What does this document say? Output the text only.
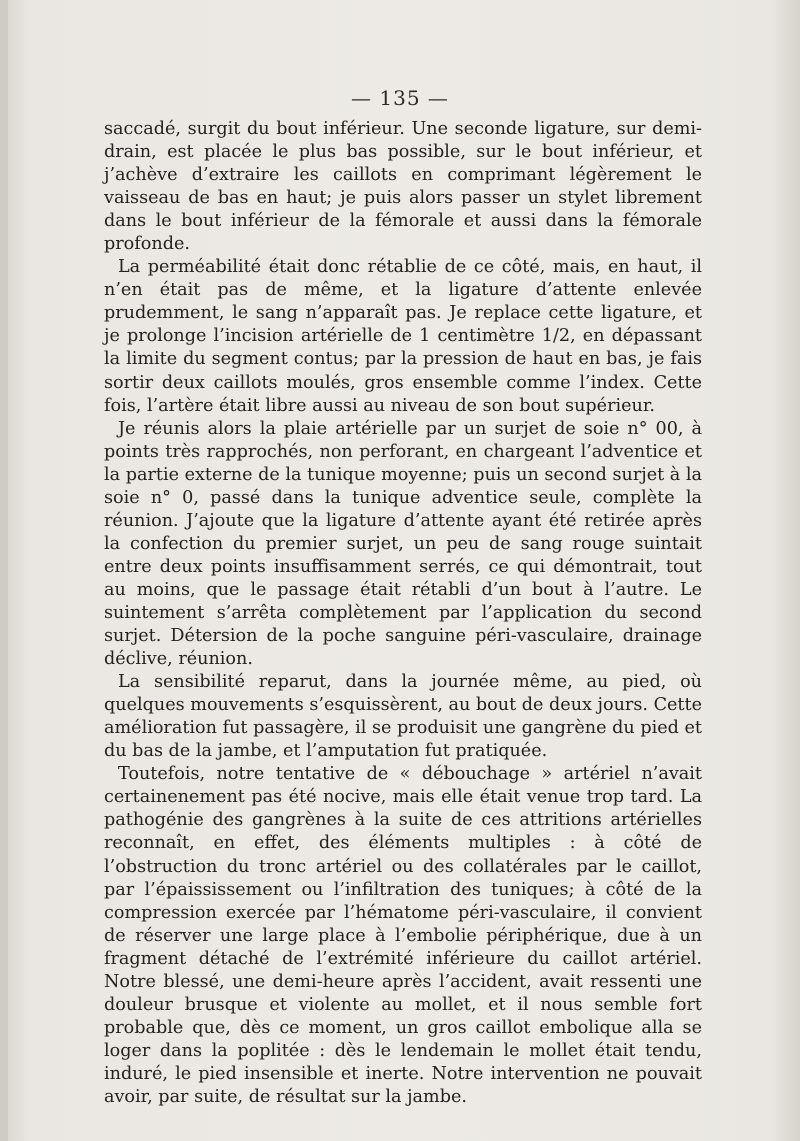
— 135 —

saccadé, surgit du bout inférieur. Une seconde ligature, sur demi-drain, est placée le plus bas possible, sur le bout inférieur, et j’achève d’extraire les caillots en comprimant légèrement le vaisseau de bas en haut; je puis alors passer un stylet librement dans le bout inférieur de la fémorale et aussi dans la fémorale profonde.

La perméabilité était donc rétablie de ce côté, mais, en haut, il n’en était pas de même, et la ligature d’attente enlevée prudemment, le sang n’apparaît pas. Je replace cette ligature, et je prolonge l’incision artérielle de 1 centimètre 1/2, en dépassant la limite du segment contus; par la pression de haut en bas, je fais sortir deux caillots moulés, gros ensemble comme l’index. Cette fois, l’artère était libre aussi au niveau de son bout supérieur.

Je réunis alors la plaie artérielle par un surjet de soie n° 00, à points très rapprochés, non perforant, en chargeant l’adventice et la partie externe de la tunique moyenne; puis un second surjet à la soie n° 0, passé dans la tunique adventice seule, complète la réunion. J’ajoute que la ligature d’attente ayant été retirée après la confection du premier surjet, un peu de sang rouge suintait entre deux points insuffisamment serrés, ce qui démontrait, tout au moins, que le passage était rétabli d’un bout à l’autre. Le suintement s’arrêta complètement par l’application du second surjet. Détersion de la poche sanguine péri-vasculaire, drainage déclive, réunion.

La sensibilité reparut, dans la journée même, au pied, où quelques mouvements s’esquissèrent, au bout de deux jours. Cette amélioration fut passagère, il se produisit une gangrène du pied et du bas de la jambe, et l’amputation fut pratiquée.

Toutefois, notre tentative de « débouchage » artériel n’avait certainenement pas été nocive, mais elle était venue trop tard. La pathogénie des gangrènes à la suite de ces attritions artérielles reconnaît, en effet, des éléments multiples : à côté de l’obstruction du tronc artériel ou des collatérales par le caillot, par l’épaississement ou l’infiltration des tuniques; à côté de la compression exercée par l’hématome péri-vasculaire, il convient de réserver une large place à l’embolie périphérique, due à un fragment détaché de l’extrémité inférieure du caillot artériel. Notre blessé, une demi-heure après l’accident, avait ressenti une douleur brusque et violente au mollet, et il nous semble fort probable que, dès ce moment, un gros caillot embolique alla se loger dans la poplitée : dès le lendemain le mollet était tendu, induré, le pied insensible et inerte. Notre intervention ne pouvait avoir, par suite, de résultat sur la jambe.
